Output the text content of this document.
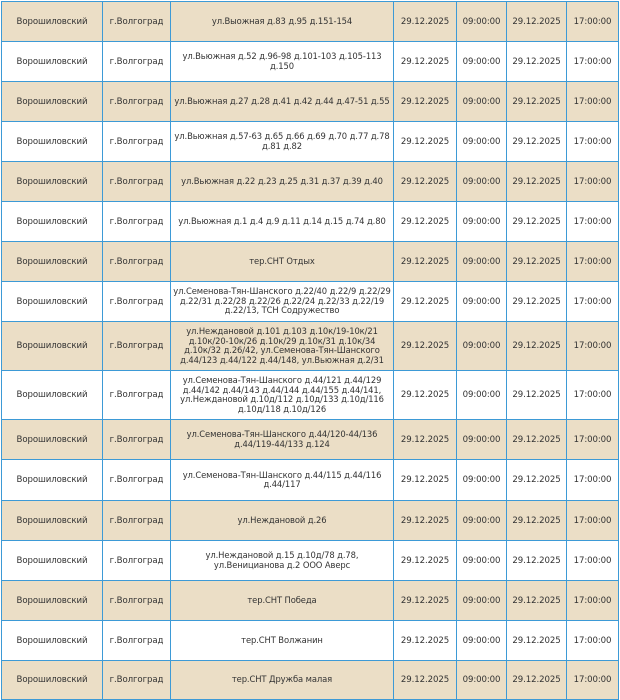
Ворошиловский	г.Волгоград	ул.Выожная д.83 д.95 д.151-154	29.12.2025	09:00:00	29.12.2025	17:00:00
Ворошиловский	г.Волгоград	ул.Вьюжная д.52 д.96-98 д.101-103 д.105-113 д.150	29.12.2025	09:00:00	29.12.2025	17:00:00
Ворошиловский	г.Волгоград	ул.Вьюжная д.27 д.28 д.41 д.42 д.44 д.47-51 д.55	29.12.2025	09:00:00	29.12.2025	17:00:00
Ворошиловский	г.Волгоград	ул.Вьюжная д.57-63 д.65 д.66 д.69 д.70 д.77 д.78 д.81 д.82	29.12.2025	09:00:00	29.12.2025	17:00:00
Ворошиловский	г.Волгоград	ул.Вьюжная д.22 д.23 д.25 д.31 д.37 д.39 д.40	29.12.2025	09:00:00	29.12.2025	17:00:00
Ворошиловский	г.Волгоград	ул.Вьюжная д.1 д.4 д.9 д.11 д.14 д.15 д.74 д.80	29.12.2025	09:00:00	29.12.2025	17:00:00
Ворошиловский	г.Волгоград	тер.СНТ Отдых	29.12.2025	09:00:00	29.12.2025	17:00:00
Ворошиловский	г.Волгоград	ул.Семенова-Тян-Шанского д.22/40 д.22/9 д.22/29 д.22/31 д.22/28 д.22/26 д.22/24 д.22/33 д.22/19 д.22/13, ТСН Содружество	29.12.2025	09:00:00	29.12.2025	17:00:00
Ворошиловский	г.Волгоград	ул.Неждановой д.101 д.103 д.10к/19-10к/21 д.10к/20-10к/26 д.10к/29 д.10к/31 д.10к/34 д.10к/32 д.26/42, ул.Семенова-Тян-Шанского д.44/123 д.44/122 д.44/148, ул.Вьюжная д.2/31	29.12.2025	09:00:00	29.12.2025	17:00:00
Ворошиловский	г.Волгоград	ул.Семенова-Тян-Шанского д.44/121 д.44/129 д.44/142 д.44/143 д.44/144 д.44/155 д.44/141, ул.Неждановой д.10д/112 д.10д/133 д.10д/116 д.10д/118 д.10д/126	29.12.2025	09:00:00	29.12.2025	17:00:00
Ворошиловский	г.Волгоград	ул.Семенова-Тян-Шанского д.44/120-44/136 д.44/119-44/133 д.124	29.12.2025	09:00:00	29.12.2025	17:00:00
Ворошиловский	г.Волгоград	ул.Семенова-Тян-Шанского д.44/115 д.44/116 д.44/117	29.12.2025	09:00:00	29.12.2025	17:00:00
Ворошиловский	г.Волгоград	ул.Неждановой д.26	29.12.2025	09:00:00	29.12.2025	17:00:00
Ворошиловский	г.Волгоград	ул.Неждановой д.15 д.10д/78 д.78, ул.Веницианова д.2 ООО Аверс	29.12.2025	09:00:00	29.12.2025	17:00:00
Ворошиловский	г.Волгоград	тер.СНТ Победа	29.12.2025	09:00:00	29.12.2025	17:00:00
Ворошиловский	г.Волгоград	тер.СНТ Волжанин	29.12.2025	09:00:00	29.12.2025	17:00:00
Ворошиловский	г.Волгоград	тер.СНТ Дружба малая	29.12.2025	09:00:00	29.12.2025	17:00:00
